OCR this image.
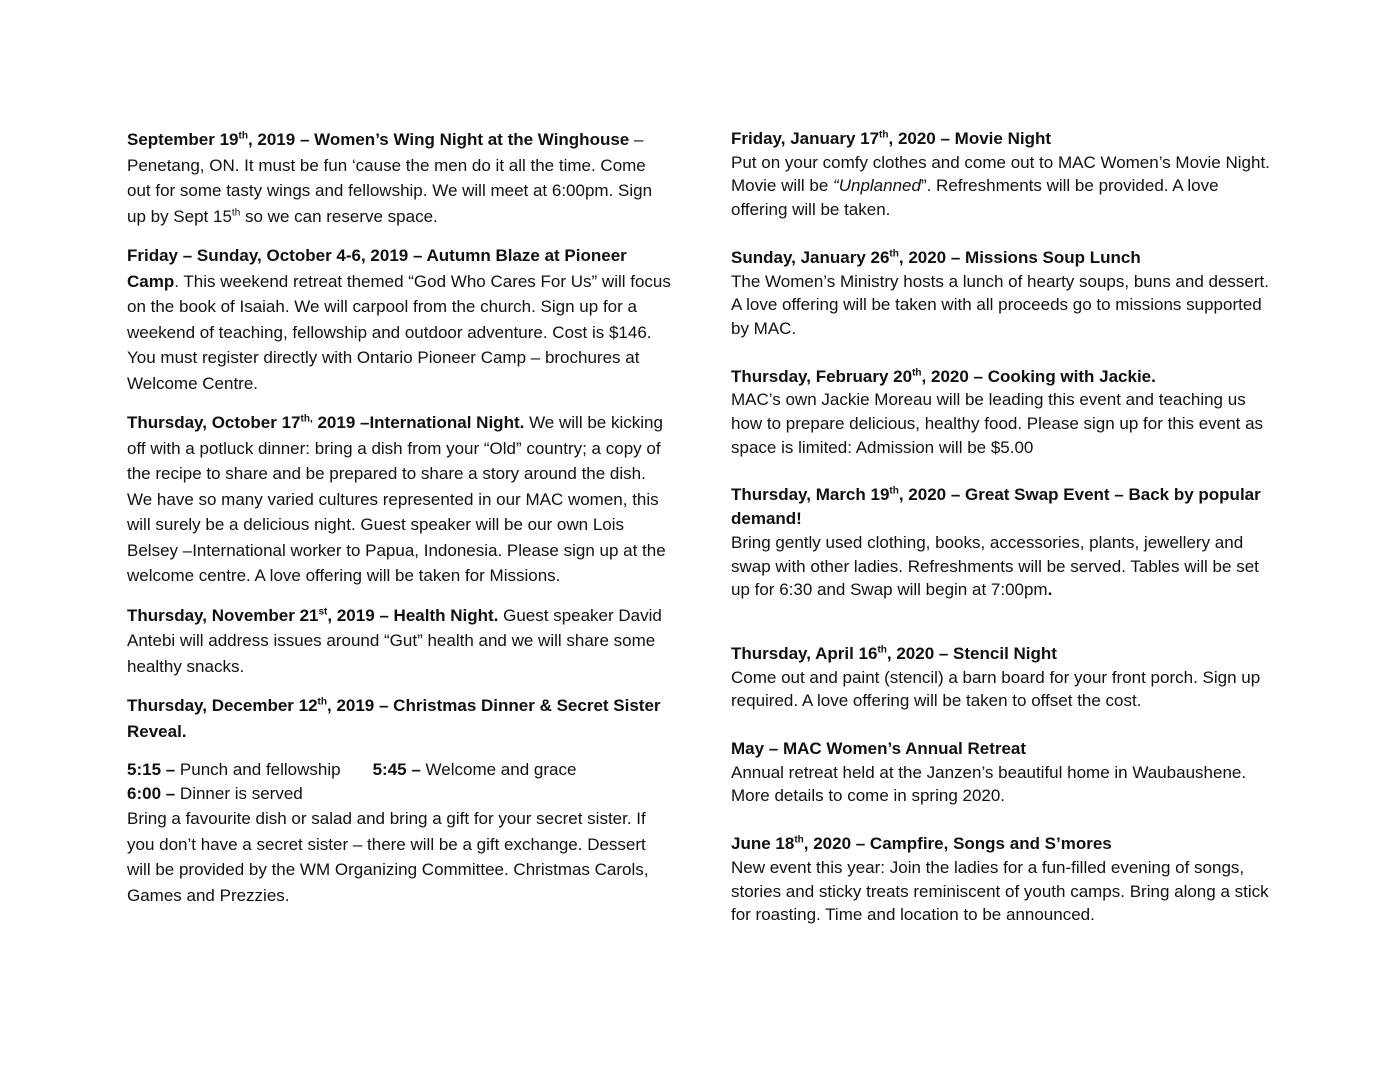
September 19th, 2019 – Women’s Wing Night at the Winghouse – Penetang, ON. It must be fun ‘cause the men do it all the time. Come out for some tasty wings and fellowship. We will meet at 6:00pm. Sign up by Sept 15th so we can reserve space.

Friday – Sunday, October 4-6, 2019 – Autumn Blaze at Pioneer Camp. This weekend retreat themed “God Who Cares For Us” will focus on the book of Isaiah. We will carpool from the church. Sign up for a weekend of teaching, fellowship and outdoor adventure. Cost is $146. You must register directly with Ontario Pioneer Camp – brochures at Welcome Centre.

Thursday, October $17^{th,}$ 2019 –International Night. We will be kicking off with a potluck dinner: bring a dish from your “Old” country; a copy of the recipe to share and be prepared to share a story around the dish. We have so many varied cultures represented in our MAC women, this will surely be a delicious night. Guest speaker will be our own Lois Belsey –International worker to Papua, Indonesia. Please sign up at the welcome centre. A love offering will be taken for Missions.

Thursday, November 21st, 2019 – Health Night. Guest speaker David Antebi will address issues around “Gut” health and we will share some healthy snacks.

Thursday, December 12th, 2019 – Christmas Dinner & Secret Sister Reveal.

5:15 – Punch and fellowship 5:45 – Welcome and grace
6:00 – Dinner is served

Bring a favourite dish or salad and bring a gift for your secret sister. If you don’t have a secret sister – there will be a gift exchange. Dessert will be provided by the WM Organizing Committee. Christmas Carols, Games and Prezzies.

Friday, January 17th, 2020 – Movie Night
Put on your comfy clothes and come out to MAC Women’s Movie Night. Movie will be “Unplanned”. Refreshments will be provided. A love offering will be taken.
Sunday, January 26th, 2020 – Missions Soup Lunch
The Women’s Ministry hosts a lunch of hearty soups, buns and dessert. A love offering will be taken with all proceeds go to missions supported by MAC.
Thursday, February 20th, 2020 – Cooking with Jackie.
MAC’s own Jackie Moreau will be leading this event and teaching us how to prepare delicious, healthy food. Please sign up for this event as space is limited: Admission will be $5.00
Thursday, March 19th, 2020 – Great Swap Event – Back by popular demand!
Bring gently used clothing, books, accessories, plants, jewellery and swap with other ladies. Refreshments will be served. Tables will be set up for 6:30 and Swap will begin at 7:00pm.
Thursday, April 16th, 2020 – Stencil Night
Come out and paint (stencil) a barn board for your front porch. Sign up required. A love offering will be taken to offset the cost.
May – MAC Women’s Annual Retreat
Annual retreat held at the Janzen’s beautiful home in Waubaushene. More details to come in spring 2020.
June 18th, 2020 – Campfire, Songs and S’mores
New event this year: Join the ladies for a fun-filled evening of songs, stories and sticky treats reminiscent of youth camps. Bring along a stick for roasting. Time and location to be announced.
